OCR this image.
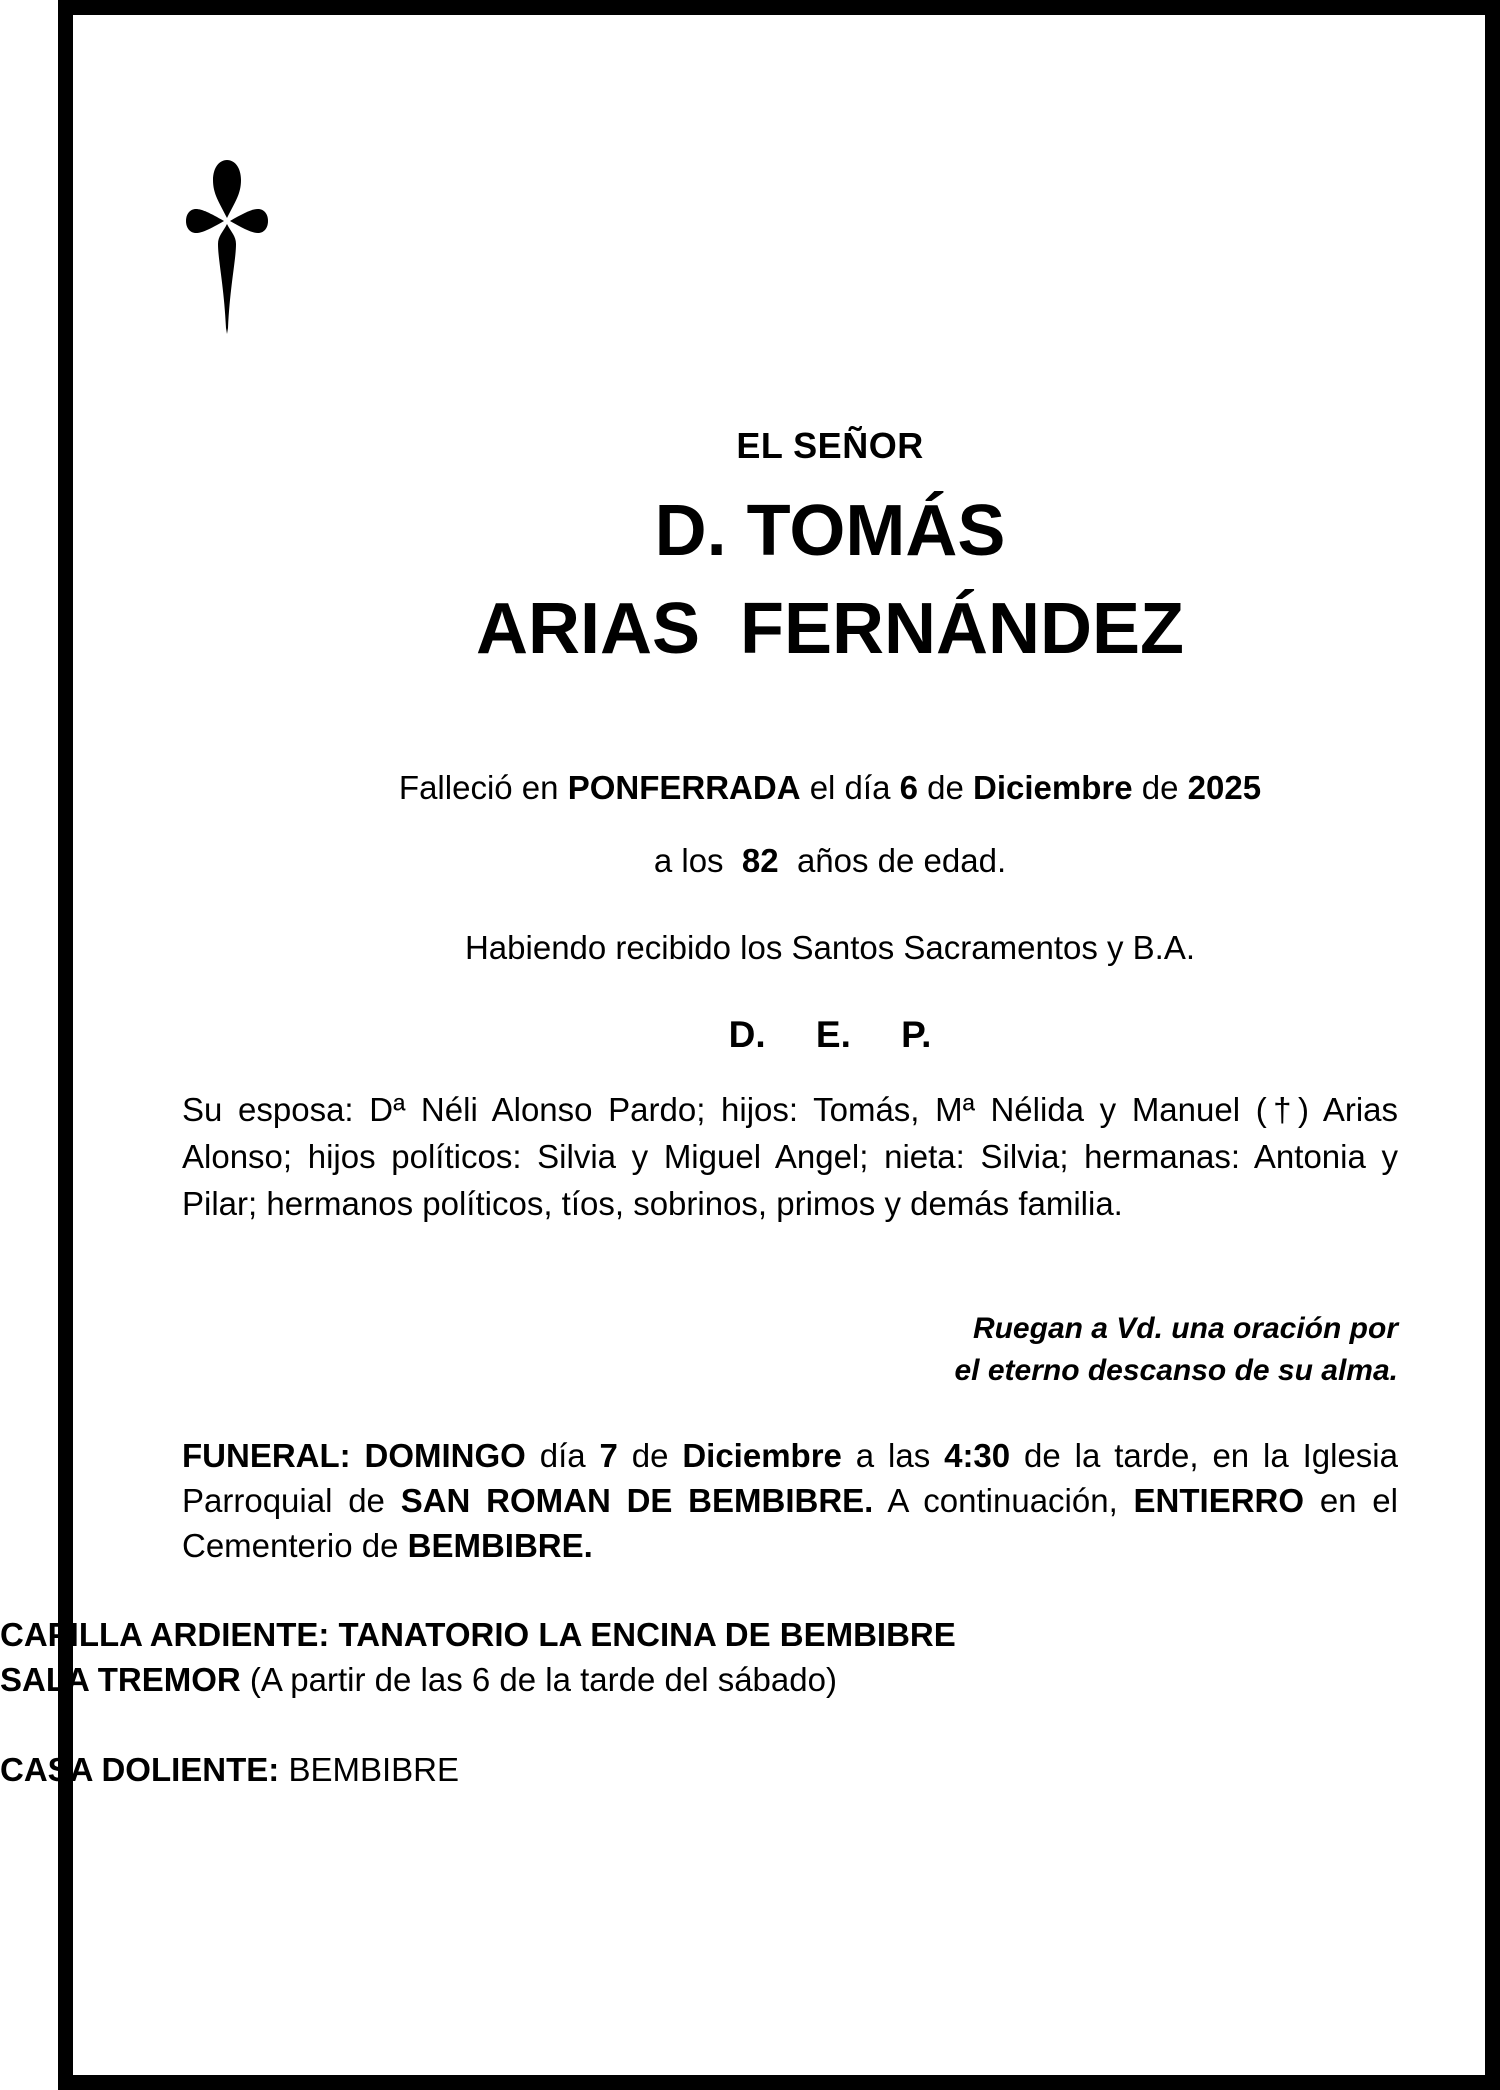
EL SEÑOR
D. TOMÁS
ARIAS  FERNÁNDEZ
Falleció en PONFERRADA el día 6 de Diciembre de 2025
a los  82  años de edad.
Habiendo recibido los Santos Sacramentos y B.A.
D. E. P.
Su esposa: Dª Néli Alonso Pardo; hijos: Tomás, Mª Nélida y Manuel (†) Arias Alonso; hijos políticos: Silvia y Miguel Angel; nieta: Silvia; hermanas: Antonia y Pilar; hermanos políticos, tíos, sobrinos, primos y demás familia.
Ruegan a Vd. una oración por
el eterno descanso de su alma.
FUNERAL: DOMINGO día 7 de Diciembre a las 4:30 de la tarde, en la Iglesia Parroquial de SAN ROMAN DE BEMBIBRE. A continuación, ENTIERRO en el Cementerio de BEMBIBRE.
CAPILLA ARDIENTE: TANATORIO LA ENCINA DE BEMBIBRE
SALA TREMOR (A partir de las 6 de la tarde del sábado)
CASA DOLIENTE: BEMBIBRE
